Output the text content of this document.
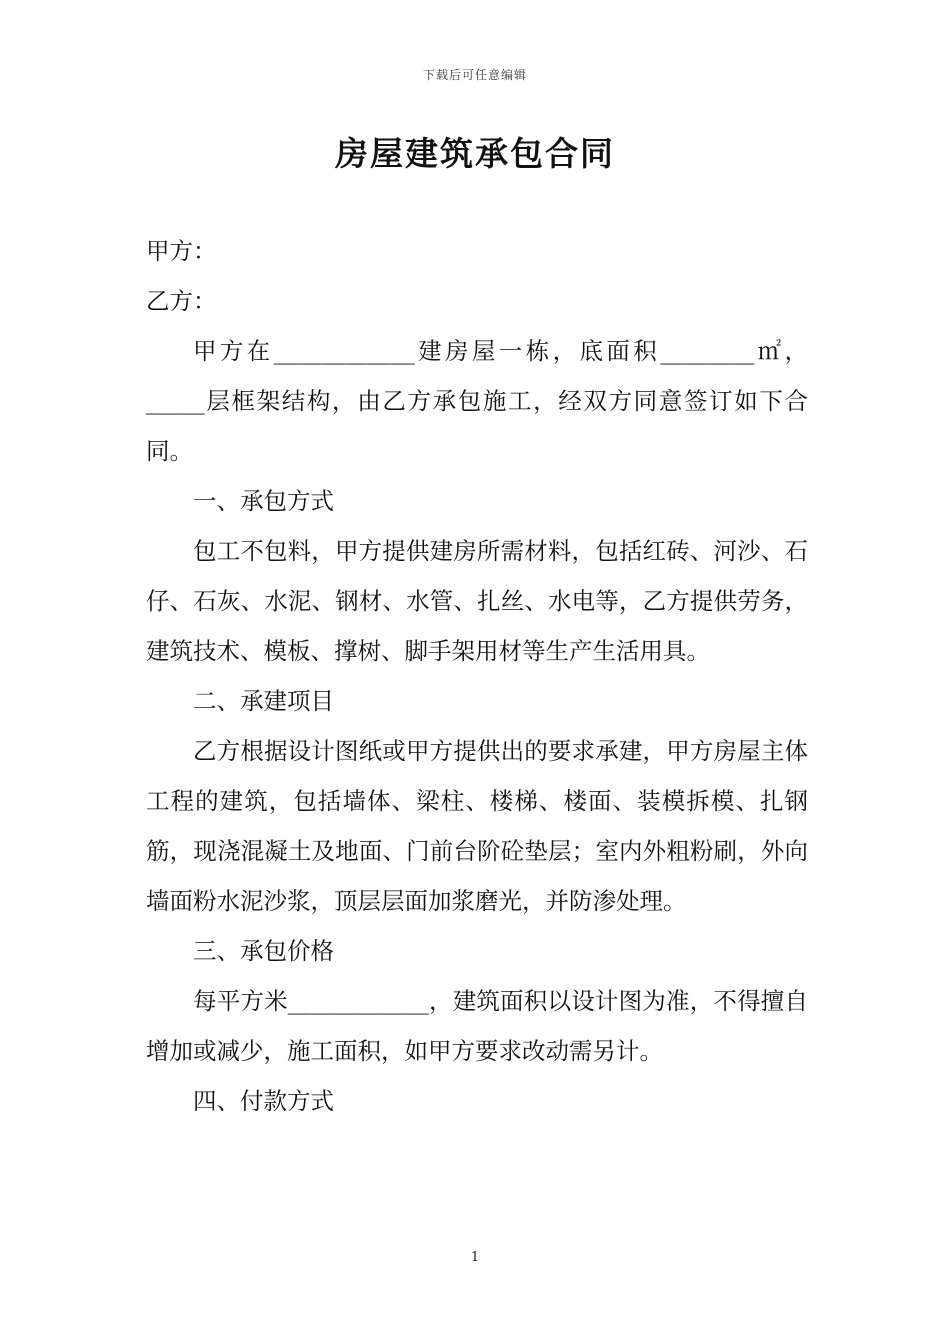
下载后可任意编辑
房屋建筑承包合同

甲方：

乙方：

甲方在____________建房屋一栋，底面积________㎡，_____层框架结构，由乙方承包施工，经双方同意签订如下合同。

一、承包方式

包工不包料，甲方提供建房所需材料，包括红砖、河沙、石仔、石灰、水泥、钢材、水管、扎丝、水电等，乙方提供劳务，建筑技术、模板、撑树、脚手架用材等生产生活用具。

二、承建项目

乙方根据设计图纸或甲方提供出的要求承建，甲方房屋主体工程的建筑，包括墙体、梁柱、楼梯、楼面、装模拆模、扎钢筋，现浇混凝土及地面、门前台阶砼垫层；室内外粗粉刷，外向墙面粉水泥沙浆，顶层层面加浆磨光，并防渗处理。

三、承包价格

每平方米____________，建筑面积以设计图为准，不得擅自增加或减少，施工面积，如甲方要求改动需另计。

四、付款方式

1
